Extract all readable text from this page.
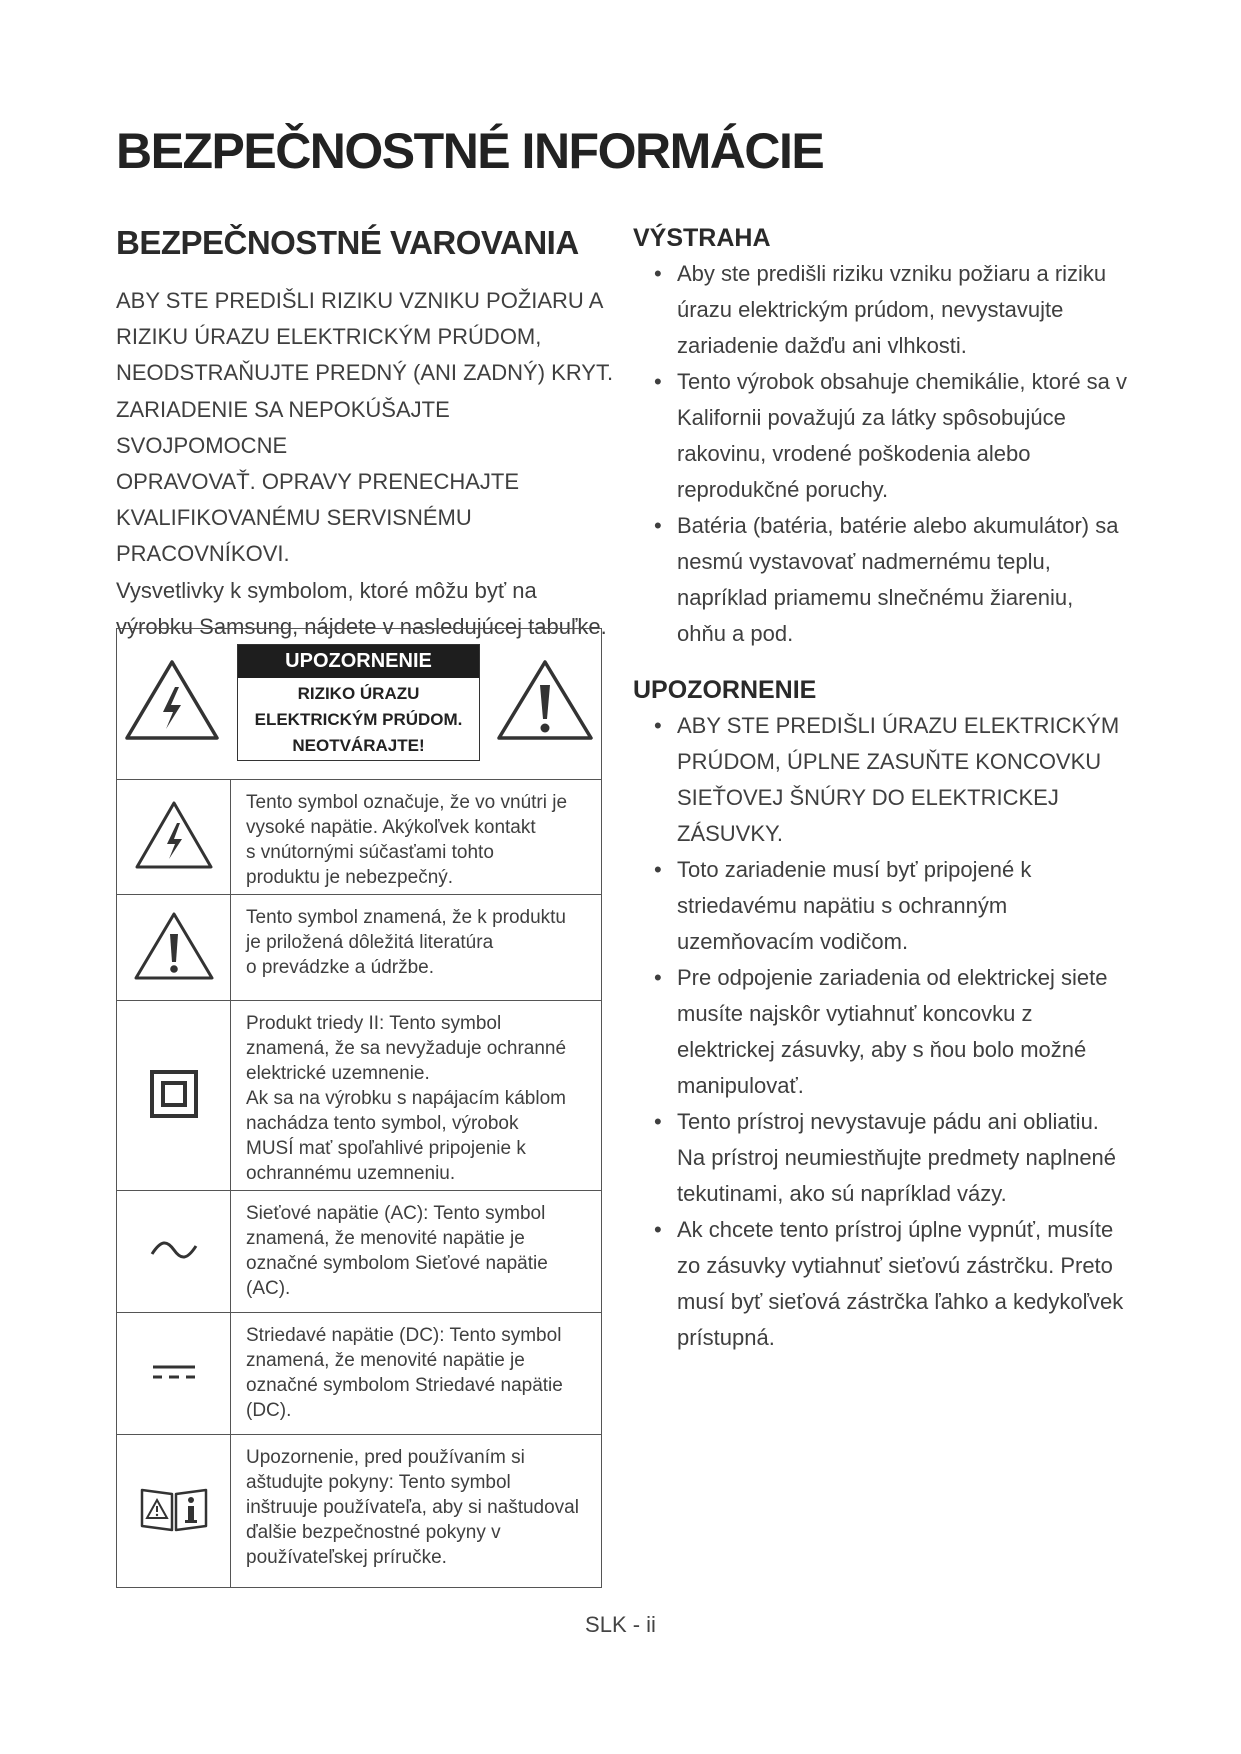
BEZPEČNOSTNÉ INFORMÁCIE
BEZPEČNOSTNÉ VAROVANIA

ABY STE PREDIŠLI RIZIKU VZNIKU POŽIARU A

RIZIKU ÚRAZU ELEKTRICKÝM PRÚDOM,

NEODSTRAŇUJTE PREDNÝ (ANI ZADNÝ) KRYT.

ZARIADENIE SA NEPOKÚŠAJTE SVOJPOMOCNE

OPRAVOVAŤ. OPRAVY PRENECHAJTE

KVALIFIKOVANÉMU SERVISNÉMU

PRACOVNÍKOVI.

Vysvetlivky k symbolom, ktoré môžu byť na

výrobku Samsung, nájdete v nasledujúcej tabuľke.

UPOZORNENIE
RIZIKO ÚRAZU
ELEKTRICKÝM PRÚDOM.
NEOTVÁRAJTE!
Tento symbol označuje, že vo vnútri je
vysoké napätie. Akýkoľvek kontakt
s vnútornými súčasťami tohto
produktu je nebezpečný.
Tento symbol znamená, že k produktu
je priložená dôležitá literatúra
o prevádzke a údržbe.
Produkt triedy II: Tento symbol
znamená, že sa nevyžaduje ochranné
elektrické uzemnenie.
Ak sa na výrobku s napájacím káblom
nachádza tento symbol, výrobok
MUSÍ mať spoľahlivé pripojenie k
ochrannému uzemneniu.
Sieťové napätie (AC): Tento symbol
znamená, že menovité napätie je
označné symbolom Sieťové napätie
(AC).
Striedavé napätie (DC): Tento symbol
znamená, že menovité napätie je
označné symbolom Striedavé napätie
(DC).
Upozornenie, pred používaním si
aštudujte pokyny: Tento symbol
inštruuje používateľa, aby si naštudoval
ďalšie bezpečnostné pokyny v
používateľskej príručke.
VÝSTRAHA
• Aby ste predišli riziku vzniku požiaru a riziku
úrazu elektrickým prúdom, nevystavujte
zariadenie dažďu ani vlhkosti.
• Tento výrobok obsahuje chemikálie, ktoré sa v
Kalifornii považujú za látky spôsobujúce
rakovinu, vrodené poškodenia alebo
reprodukčné poruchy.
• Batéria (batéria, batérie alebo akumulátor) sa
nesmú vystavovať nadmernému teplu,
napríklad priamemu slnečnému žiareniu,
ohňu a pod.
UPOZORNENIE
• ABY STE PREDIŠLI ÚRAZU ELEKTRICKÝM
PRÚDOM, ÚPLNE ZASUŇTE KONCOVKU
SIEŤOVEJ ŠNÚRY DO ELEKTRICKEJ
ZÁSUVKY.
• Toto zariadenie musí byť pripojené k
striedavému napätiu s ochranným
uzemňovacím vodičom.
• Pre odpojenie zariadenia od elektrickej siete
musíte najskôr vytiahnuť koncovku z
elektrickej zásuvky, aby s ňou bolo možné
manipulovať.
• Tento prístroj nevystavuje pádu ani obliatiu.
Na prístroj neumiestňujte predmety naplnené
tekutinami, ako sú napríklad vázy.
• Ak chcete tento prístroj úplne vypnúť, musíte
zo zásuvky vytiahnuť sieťovú zástrčku. Preto
musí byť sieťová zástrčka ľahko a kedykoľvek
prístupná.
SLK - ii
